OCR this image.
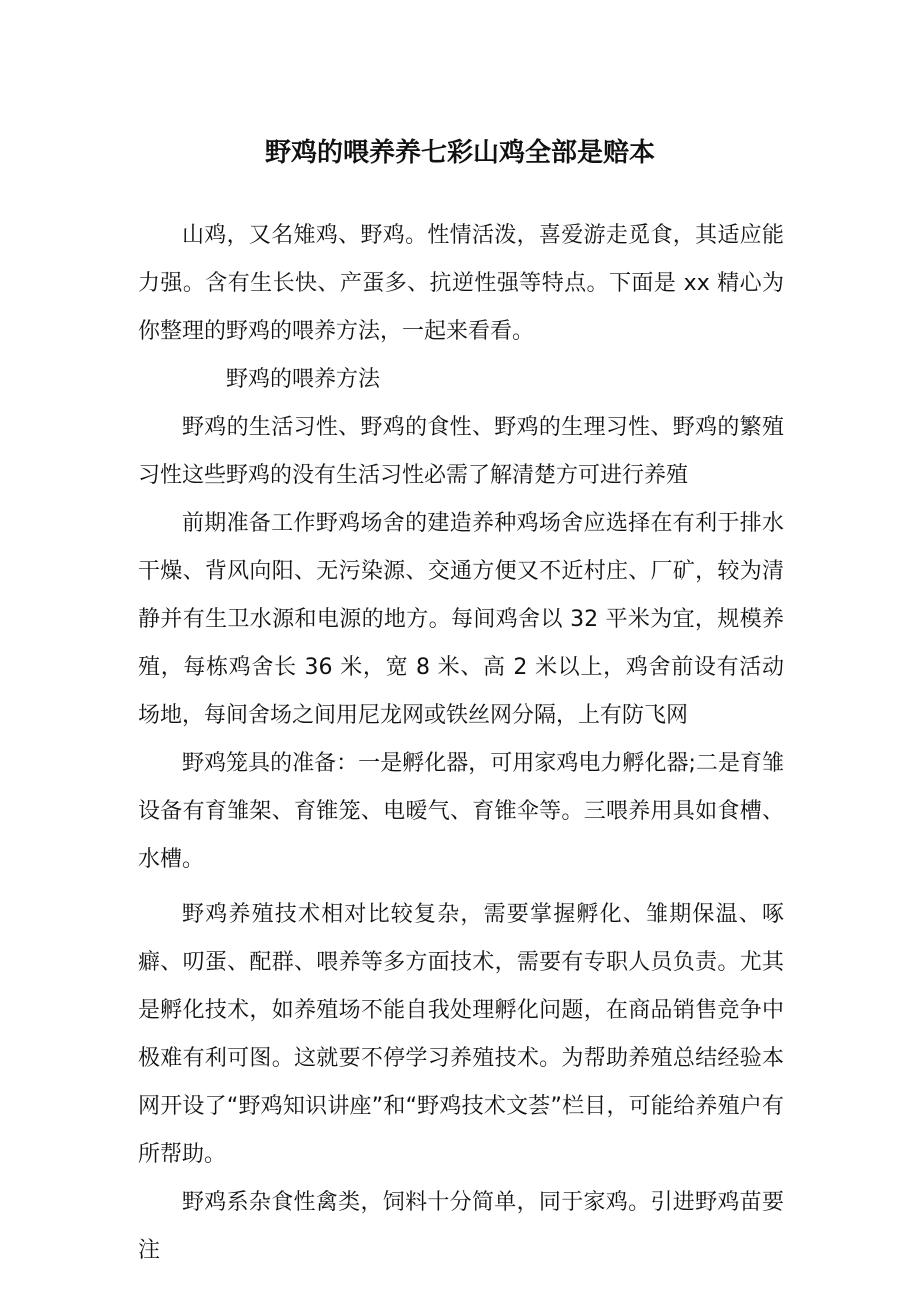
野鸡的喂养养七彩山鸡全部是赔本

山鸡，又名雉鸡、野鸡。性情活泼，喜爱游走觅食，其适应能力强。含有生长快、产蛋多、抗逆性强等特点。下面是 xx 精心为你整理的野鸡的喂养方法，一起来看看。

野鸡的喂养方法

野鸡的生活习性、野鸡的食性、野鸡的生理习性、野鸡的繁殖习性这些野鸡的没有生活习性必需了解清楚方可进行养殖

前期准备工作野鸡场舍的建造养种鸡场舍应选择在有利于排水干燥、背风向阳、无污染源、交通方便又不近村庄、厂矿，较为清静并有生卫水源和电源的地方。每间鸡舍以 32 平米为宜，规模养殖，每栋鸡舍长 36 米，宽 8 米、高 2 米以上，鸡舍前设有活动场地，每间舍场之间用尼龙网或铁丝网分隔，上有防飞网

野鸡笼具的准备：一是孵化器，可用家鸡电力孵化器;二是育雏设备有育雏架、育锥笼、电暧气、育锥伞等。三喂养用具如食槽、水槽。

野鸡养殖技术相对比较复杂，需要掌握孵化、雏期保温、啄癖、叨蛋、配群、喂养等多方面技术，需要有专职人员负责。尤其是孵化技术，如养殖场不能自我处理孵化问题，在商品销售竞争中极难有利可图。这就要不停学习养殖技术。为帮助养殖总结经验本网开设了“野鸡知识讲座”和“野鸡技术文荟”栏目，可能给养殖户有所帮助。

野鸡系杂食性禽类，饲料十分简单，同于家鸡。引进野鸡苗要注
